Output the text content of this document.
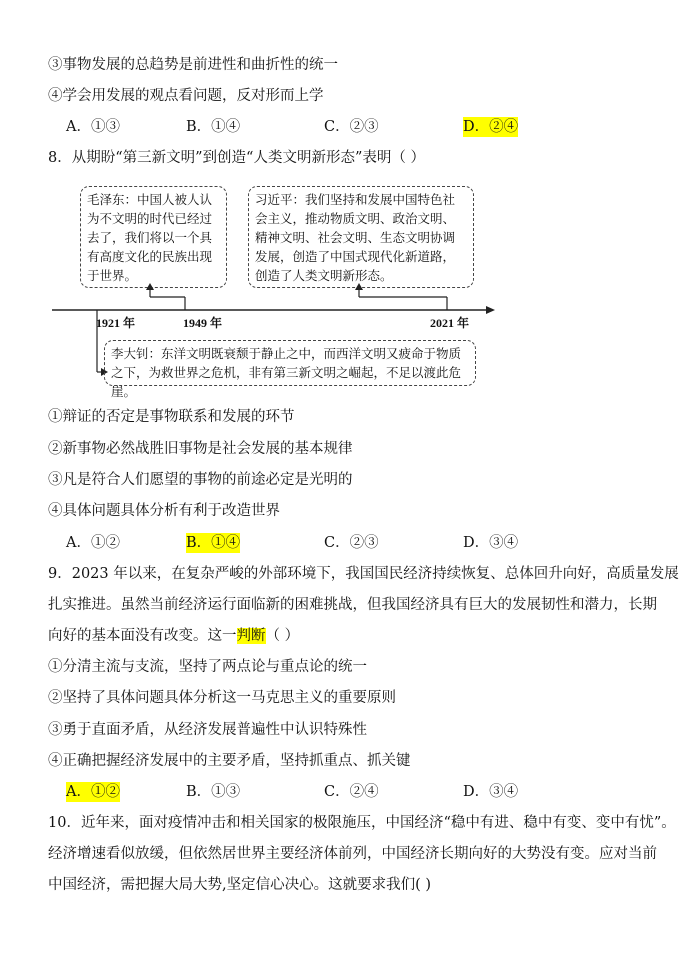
③事物发展的总趋势是前进性和曲折性的统一
④学会用发展的观点看问题，反对形而上学
A．①③	B．①④	C．②③	D．②④
8．从期盼“第三新文明”到创造“人类文明新形态”表明（ ）
毛泽东：中国人被人认为不文明的时代已经过去了，我们将以一个具有高度文化的民族出现于世界。
习近平：我们坚持和发展中国特色社会主义，推动物质文明、政治文明、精神文明、社会文明、生态文明协调发展，创造了中国式现代化新道路，创造了人类文明新形态。
1921 年	1949 年	2021 年
李大钊：东洋文明既衰颓于静止之中，而西洋文明又疲命于物质之下，为救世界之危机，非有第三新文明之崛起，不足以渡此危崖。
①辩证的否定是事物联系和发展的环节
②新事物必然战胜旧事物是社会发展的基本规律
③凡是符合人们愿望的事物的前途必定是光明的
④具体问题具体分析有利于改造世界
A．①②	B．①④	C．②③	D．③④
9．2023 年以来，在复杂严峻的外部环境下，我国国民经济持续恢复、总体回升向好，高质量发展
扎实推进。虽然当前经济运行面临新的困难挑战，但我国经济具有巨大的发展韧性和潜力，长期
向好的基本面没有改变。这一判断（ ）
①分清主流与支流，坚持了两点论与重点论的统一
②坚持了具体问题具体分析这一马克思主义的重要原则
③勇于直面矛盾，从经济发展普遍性中认识特殊性
④正确把握经济发展中的主要矛盾，坚持抓重点、抓关键
A．①②	B．①③	C．②④	D．③④
10．近年来，面对疫情冲击和相关国家的极限施压，中国经济“稳中有进、稳中有变、变中有忧”。
经济增速看似放缓，但依然居世界主要经济体前列，中国经济长期向好的大势没有变。应对当前
中国经济，需把握大局大势,坚定信心决心。这就要求我们( )
